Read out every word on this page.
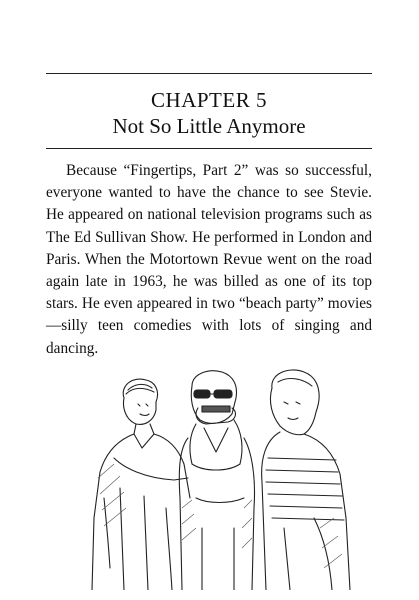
CHAPTER 5
Not So Little Anymore

Because “Fingertips, Part 2” was so successful, everyone wanted to have the chance to see Stevie. He appeared on national television programs such as The Ed Sullivan Show. He performed in London and Paris. When the Motortown Revue went on the road again late in 1963, he was billed as one of its top stars. He even appeared in two “beach party” movies—silly teen comedies with lots of singing and dancing.
